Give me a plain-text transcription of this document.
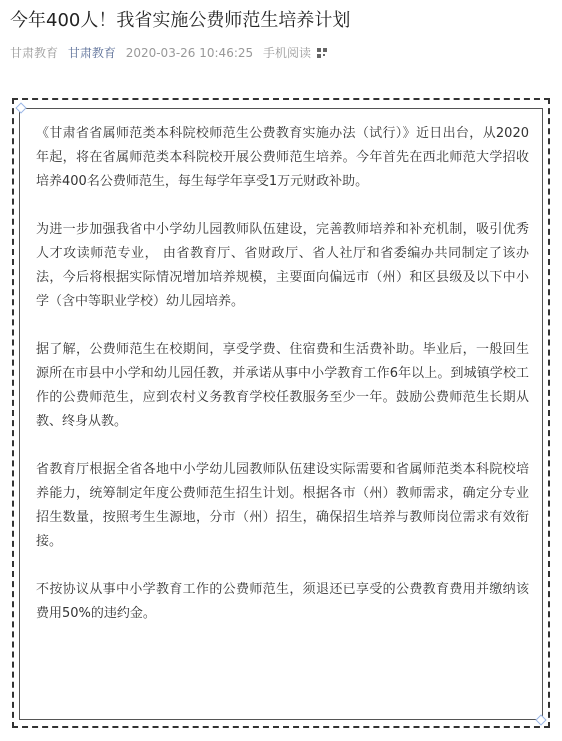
今年400人！我省实施公费师范生培养计划
甘肃教育 甘肃教育 2020-03-26 10:46:25 手机阅读

《甘肃省省属师范类本科院校师范生公费教育实施办法（试行）》近日出台，从2020年起，将在省属师范类本科院校开展公费师范生培养。今年首先在西北师范大学招收培养400名公费师范生，每生每学年享受1万元财政补助。

为进一步加强我省中小学幼儿园教师队伍建设，完善教师培养和补充机制，吸引优秀人才攻读师范专业， 由省教育厅、省财政厅、省人社厅和省委编办共同制定了该办法，今后将根据实际情况增加培养规模，主要面向偏远市（州）和区县级及以下中小学（含中等职业学校）幼儿园培养。

据了解，公费师范生在校期间，享受学费、住宿费和生活费补助。毕业后，一般回生源所在市县中小学和幼儿园任教，并承诺从事中小学教育工作6年以上。到城镇学校工作的公费师范生，应到农村义务教育学校任教服务至少一年。鼓励公费师范生长期从教、终身从教。

省教育厅根据全省各地中小学幼儿园教师队伍建设实际需要和省属师范类本科院校培养能力，统筹制定年度公费师范生招生计划。根据各市（州）教师需求，确定分专业招生数量，按照考生生源地，分市（州）招生，确保招生培养与教师岗位需求有效衔接。

不按协议从事中小学教育工作的公费师范生，须退还已享受的公费教育费用并缴纳该费用50%的违约金。
